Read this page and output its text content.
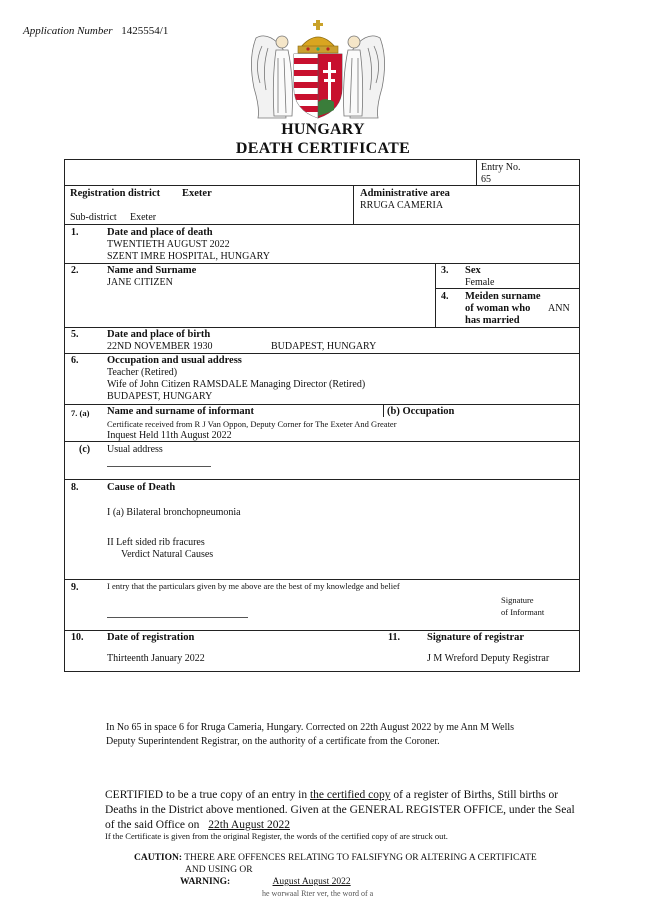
Application Number 1425554/1
HUNGARY
DEATH CERTIFICATE
Entry No.
65
Registration district Exeter
Sub-district Exeter
Administrative area
RRUGA CAMERIA
1.	Date and place of death
TWENTIETH AUGUST 2022
SZENT IMRE HOSPITAL, HUNGARY
2.	Name and Surname
JANE CITIZEN
3. Sex
Female
4. Meiden surname
of woman who
has married
ANN
5.	Date and place of birth
22ND NOVEMBER 1930	BUDAPEST, HUNGARY
6.	Occupation and usual address
Teacher (Retired)
Wife of John Citizen RAMSDALE Managing Director (Retired)
BUDAPEST, HUNGARY
7. (a) Name and surname of informant	(b) Occupation
Certificate received from R J Van Oppon, Deputy Corner for The Exeter And Greater
Inquest Held 11th August 2022
(c) Usual address
8.	Cause of Death
I (a) Bilateral bronchopneumonia
II Left sided rib fracures
Verdict Natural Causes
9.	I entry that the particulars given by me above are the best of my knowledge and belief
Signature
of Informant
10. Date of registration
Thirteenth January 2022
11.	Signature of registrar
J M Wreford Deputy Registrar
In No 65 in space 6 for Rruga Cameria, Hungary. Corrected on 22th August 2022 by me Ann M Wells Deputy Superintendent Registrar, on the authority of a certificate from the Coroner.
CERTIFIED to be a true copy of an entry in the certified copy of a register of Births, Still births or Deaths in the District above mentioned. Given at the GENERAL REGISTER OFFICE, under the Seal of the said Office on 22th August 2022
If the Certificate is given from the original Register, the words of the certified copy of are struck out.
CAUTION: THERE ARE OFFENCES RELATING TO FALSIFYNG OR ALTERING A CERTIFICATE
AND USING OR
WARNING:	August August 2022
he worwaal Rter ver, the word of a
